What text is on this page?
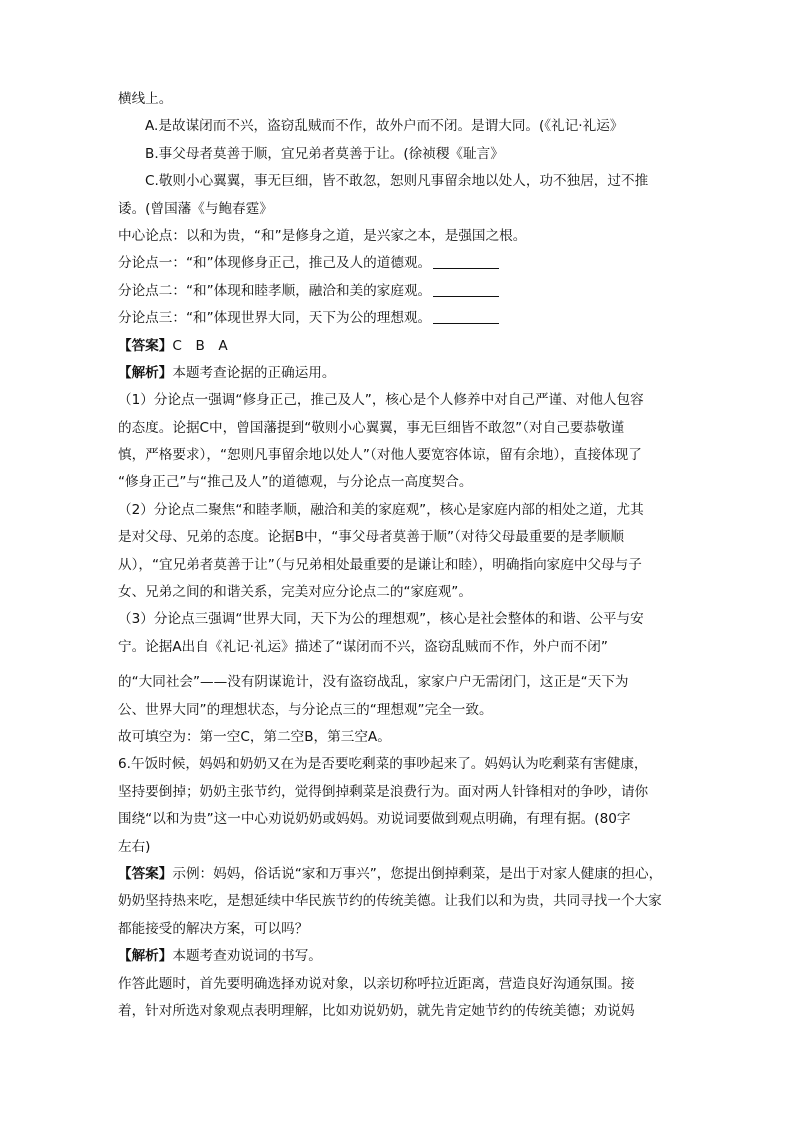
横线上。
A.是故谋闭而不兴，盗窃乱贼而不作，故外户而不闭。是谓大同。(《礼记·礼运》
B.事父母者莫善于顺，宜兄弟者莫善于让。(徐祯稷《耻言》
C.敬则小心翼翼，事无巨细，皆不敢忽，恕则凡事留余地以处人，功不独居，过不推
诿。(曾国藩《与鲍春霆》
中心论点：以和为贵，“和”是修身之道，是兴家之本，是强国之根。
分论点一：“和”体现修身正己，推己及人的道德观。
分论点二：“和”体现和睦孝顺，融洽和美的家庭观。
分论点三：“和”体现世界大同，天下为公的理想观。
【答案】C　B　A
【解析】本题考查论据的正确运用。
（1）分论点一强调“修身正己，推己及人”，核心是个人修养中对自己严谨、对他人包容
的态度。论据C中，曾国藩提到“敬则小心翼翼，事无巨细皆不敢忽”（对自己要恭敬谨
慎，严格要求），“恕则凡事留余地以处人”（对他人要宽容体谅，留有余地），直接体现了
“修身正己”与“推己及人”的道德观，与分论点一高度契合。
（2）分论点二聚焦“和睦孝顺，融洽和美的家庭观”，核心是家庭内部的相处之道，尤其
是对父母、兄弟的态度。论据B中，“事父母者莫善于顺”（对待父母最重要的是孝顺顺
从），“宜兄弟者莫善于让”（与兄弟相处最重要的是谦让和睦），明确指向家庭中父母与子
女、兄弟之间的和谐关系，完美对应分论点二的“家庭观”。
（3）分论点三强调“世界大同，天下为公的理想观”，核心是社会整体的和谐、公平与安
宁。论据A出自《礼记·礼运》描述了“谋闭而不兴，盗窃乱贼而不作，外户而不闭”
的“大同社会”——没有阴谋诡计，没有盗窃战乱，家家户户无需闭门，这正是“天下为
公、世界大同”的理想状态，与分论点三的“理想观”完全一致。
故可填空为：第一空C，第二空B，第三空A。
6.午饭时候，妈妈和奶奶又在为是否要吃剩菜的事吵起来了。妈妈认为吃剩菜有害健康，
坚持要倒掉；奶奶主张节约，觉得倒掉剩菜是浪费行为。面对两人针锋相对的争吵，请你
围绕“以和为贵”这一中心劝说奶奶或妈妈。劝说词要做到观点明确，有理有据。(80字
左右)
【答案】示例：妈妈，俗话说“家和万事兴”，您提出倒掉剩菜，是出于对家人健康的担心，
奶奶坚持热来吃，是想延续中华民族节约的传统美德。让我们以和为贵，共同寻找一个大家
都能接受的解决方案，可以吗？
【解析】本题考查劝说词的书写。
作答此题时，首先要明确选择劝说对象，以亲切称呼拉近距离，营造良好沟通氛围。接
着，针对所选对象观点表明理解，比如劝说奶奶，就先肯定她节约的传统美德；劝说妈
